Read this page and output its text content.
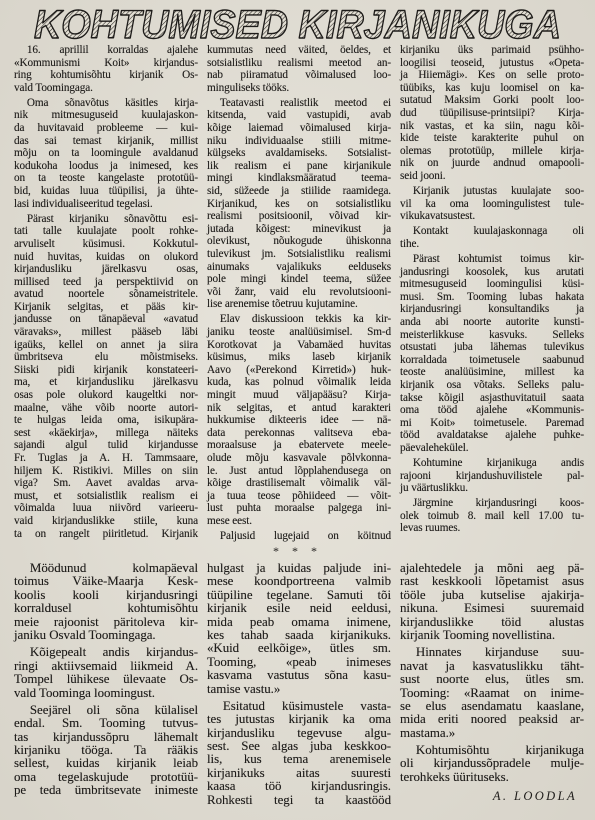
KOHTUMISED KIRJANIKUGA
16. aprillil korraldas ajalehe
«Kommunismi Koit» kirjandus-
ring kohtumisõhtu kirjanik Os-
vald Toomingaga.
Oma sõnavõtus käsitles kirja-
nik mitmesuguseid kuulajaskon-
da huvitavaid probleeme — kui-
das sai temast kirjanik, millist
mõju on ta loomingule avaldanud
kodukoha loodus ja inimesed, kes
on ta teoste kangelaste prototüü-
bid, kuidas luua tüüpilisi, ja ühte-
lasi individualiseeritud tegelasi.
Pärast kirjaniku sõnavõttu esi-
tati talle kuulajate poolt rohke-
arvuliselt küsimusi. Kokkutul-
nuid huvitas, kuidas on olukord
kirjandusliku järelkasvu osas,
millised teed ja perspektiivid on
avatud noortele sõnameistritele.
Kirjanik selgitas, et pääs kir-
jandusse on tänapäeval «avatud
väravaks», millest pääseb läbi
igaüks, kellel on annet ja siira
ümbritseva elu mõistmiseks.
Siiski pidi kirjanik konstateeri-
ma, et kirjandusliku järelkasvu
osas pole olukord kaugeltki nor-
maalne, vähe võib noorte autori-
te hulgas leida oma, isikupära-
sest «käekirja», millega näiteks
sajandi algul tulid kirjandusse
Fr. Tuglas ja A. H. Tammsaare,
hiljem K. Ristikivi. Milles on siin
viga? Sm. Aavet avaldas arva-
must, et sotsialistlik realism ei
võimalda luua niivõrd varieeru-
vaid kirjanduslikke stiile, kuna
ta on rangelt piiritletud. Kirjanik
kummutas need väited, öeldes, et
sotsialistliku realismi meetod an-
nab piiramatud võimalused loo-
minguliseks tööks.
Teatavasti realistlik meetod ei
kitsenda, vaid vastupidi, avab
kõige laiemad võimalused kirja-
niku individuaalse stiili mitme-
külgseks avaldamiseks. Sotsialist-
lik realism ei pane kirjanikule
mingi kindlaksmääratud teema-
sid, süžeede ja stiilide raamidega.
Kirjanikud, kes on sotsialistliku
realismi positsioonil, võivad kir-
jutada kõigest: minevikust ja
olevikust, nõukogude ühiskonna
tulevikust jm. Sotsialistliku realismi
ainumaks vajalikuks eelduseks
pole mingi kindel teema, süžee
või žanr, vaid elu revolutsiooni-
lise arenemise tõetruu kujutamine.
Elav diskussioon tekkis ka kir-
janiku teoste analüüsimisel. Sm-d
Korotkovat ja Vabamäed huvitas
küsimus, miks laseb kirjanik
Aavo («Perekond Kirretid») huk-
kuda, kas polnud võimalik leida
mingit muud väljapääsu? Kirja-
nik selgitas, et antud karakteri
hukkumise dikteeris idee — nä-
data perekonnas valitseva eba-
moraalsuse ja ebatervete meele-
olude mõju kasvavale põlvkonna-
le. Just antud lõpplahendusega on
kõige drastilisemalt võimalik väl-
ja tuua teose põhiideed — võit-
lust puhta moraalse palgega ini-
mese eest.
Paljusid lugejaid on köitnud
kirjaniku üks parimaid psühho-
loogilisi teoseid, jutustus «Opeta-
ja Hiiemägi». Kes on selle proto-
tüübiks, kas kuju loomisel on ka-
sutatud Maksim Gorki poolt loo-
dud tüüpilisuse-printsiipi? Kirja-
nik vastas, et ka siin, nagu kõi-
kide teiste karakterite puhul on
olemas prototüüp, millele kirja-
nik on juurde andnud omapooli-
seid jooni.
Kirjanik jutustas kuulajate soo-
vil ka oma loomingulistest tule-
vikukavatsustest.
Kontakt kuulajaskonnaga oli
tihe.
Pärast kohtumist toimus kir-
jandusringi koosolek, kus arutati
mitmesuguseid loomingulisi küsi-
musi. Sm. Tooming lubas hakata
kirjandusringi konsultandiks ja
anda abi noorte autorite kunsti-
meisterlikkuse kasvuks. Selleks
otsustati juba lähemas tulevikus
korraldada toimetusele saabunud
teoste analüüsimine, millest ka
kirjanik osa võtaks. Selleks palu-
takse kõigil asjasthuvitatuil saata
oma tööd ajalehe «Kommunis-
mi Koit» toimetusele. Paremad
tööd avaldatakse ajalehe puhke-
päevalehekülel.
Kohtumine kirjanikuga andis
rajooni kirjandushuvilistele pal-
ju väärtuslikku.
Järgmine kirjandusringi koos-
olek toimub 8. mail kell 17.00 tu-
levas ruumes.
* * *
A. LOODLA
Möödunud kolmapäeval
toimus Väike-Maarja Kesk-
koolis kooli kirjandusringi
korraldusel kohtumisõhtu
meie rajoonist päritoleva kir-
janiku Osvald Toomingaga.
Kõigepealt andis kirjandus-
ringi aktiivsemaid liikmeid A.
Tompel lühikese ülevaate Os-
vald Toominga loomingust.
Seejärel oli sõna külalisel
endal. Sm. Tooming tutvus-
tas kirjandussõpru lähemalt
kirjaniku tööga. Ta rääkis
sellest, kuidas kirjanik leiab
oma tegelaskujude prototüü-
pe teda ümbritsevate inimeste
hulgast ja kuidas paljude ini-
mese koondportreena valmib
tüüpiline tegelane. Samuti tõi
kirjanik esile neid eeldusi,
mida peab omama inimene,
kes tahab saada kirjanikuks.
«Kuid eelkõige», ütles sm.
Tooming, «peab inimeses
kasvama vastutus sõna kasu-
tamise vastu.»
Esitatud küsimustele vasta-
tes jutustas kirjanik ka oma
kirjandusliku tegevuse algu-
sest. See algas juba keskkoo-
lis, kus tema arenemisele
kirjanikuks aitas suuresti
kaasa töö kirjandusringis.
Rohkesti tegi ta kaastööd
ajalehtedele ja mõni aeg pä-
rast keskkooli lõpetamist asus
tööle juba kutselise ajakirja-
nikuna. Esimesi suuremaid
kirjanduslikke töid alustas
kirjanik Tooming novellistina.
Hinnates kirjanduse suu-
navat ja kasvatuslikku täht-
sust noorte elus, ütles sm.
Tooming: «Raamat on inime-
se elus asendamatu kaaslane,
mida eriti noored peaksid ar-
mastama.»
Kohtumisõhtu kirjanikuga
oli kirjandussõpradele mulje-
terohkeks üürituseks.
